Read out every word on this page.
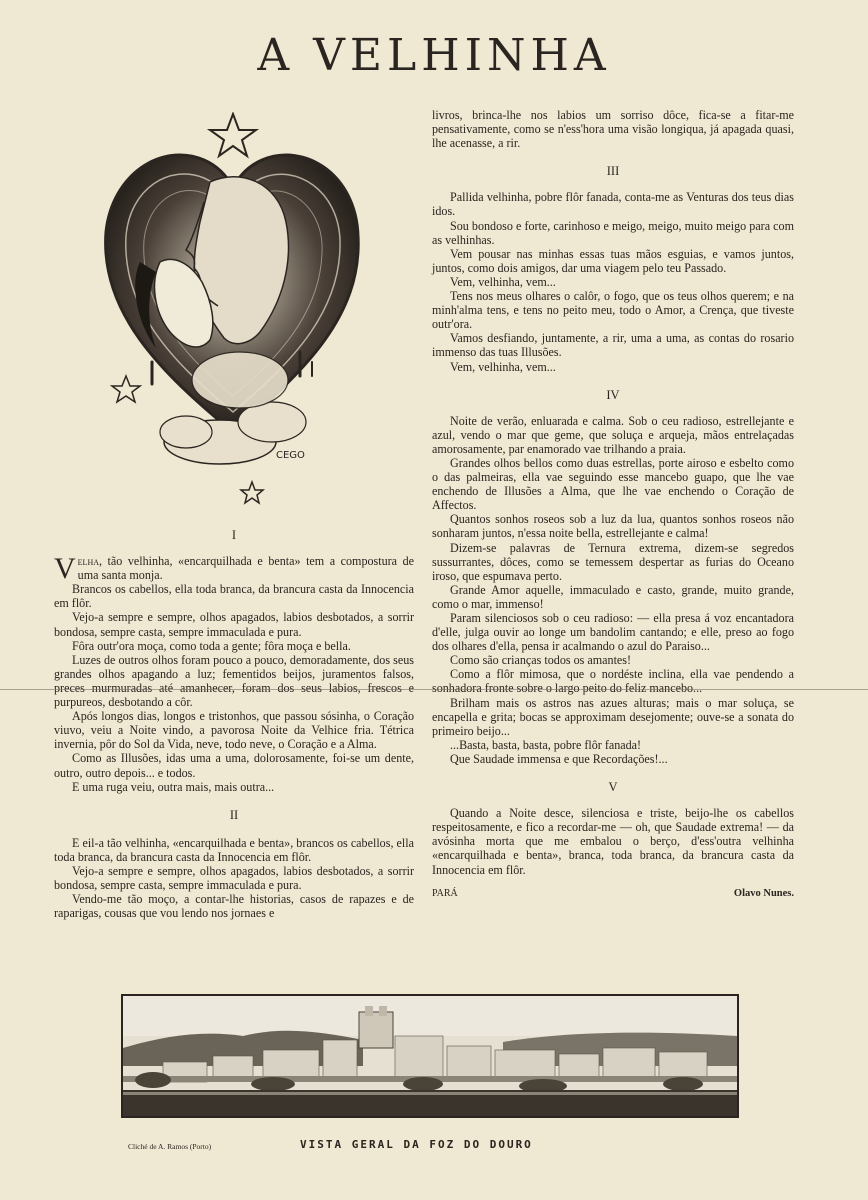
A VELHINHA
CEGO

I

Velha, tão velhinha, «encarquilhada e benta» tem a compostura de uma santa monja.

Brancos os cabellos, ella toda branca, da brancura casta da Innocencia em flôr.

Vejo-a sempre e sempre, olhos apagados, labios desbotados, a sorrir bondosa, sempre casta, sempre immaculada e pura.

Fôra outr'ora moça, como toda a gente; fôra moça e bella.

Luzes de outros olhos foram pouco a pouco, demoradamente, dos seus grandes olhos apagando a luz; fementidos beijos, juramentos falsos, preces murmuradas até amanhecer, foram dos seus labios, frescos e purpureos, desbotando a côr.

Após longos dias, longos e tristonhos, que passou sósinha, o Coração viuvo, veiu a Noite vindo, a pavorosa Noite da Velhice fria. Tétrica invernia, pôr do Sol da Vida, neve, todo neve, o Coração e a Alma.

Como as Illusões, idas uma a uma, dolorosamente, foi-se um dente, outro, outro depois... e todos.

E uma ruga veiu, outra mais, mais outra...

II

E eil-a tão velhinha, «encarquilhada e benta», brancos os cabellos, ella toda branca, da brancura casta da Innocencia em flôr.

Vejo-a sempre e sempre, olhos apagados, labios desbotados, a sorrir bondosa, sempre casta, sempre immaculada e pura.

Vendo-me tão moço, a contar-lhe historias, casos de rapazes e de raparigas, cousas que vou lendo nos jornaes e

livros, brinca-lhe nos labios um sorriso dôce, fica-se a fitar-me pensativamente, como se n'ess'hora uma visão longiqua, já apagada quasi, lhe acenasse, a rir.

III

Pallida velhinha, pobre flôr fanada, conta-me as Venturas dos teus dias idos.

Sou bondoso e forte, carinhoso e meigo, meigo, muito meigo para com as velhinhas.

Vem pousar nas minhas essas tuas mãos esguias, e vamos juntos, juntos, como dois amigos, dar uma viagem pelo teu Passado.

Vem, velhinha, vem...

Tens nos meus olhares o calôr, o fogo, que os teus olhos querem; e na minh'alma tens, e tens no peito meu, todo o Amor, a Crença, que tiveste outr'ora.

Vamos desfiando, juntamente, a rir, uma a uma, as contas do rosario immenso das tuas Illusões.

Vem, velhinha, vem...

IV

Noite de verão, enluarada e calma. Sob o ceu radioso, estrellejante e azul, vendo o mar que geme, que soluça e arqueja, mãos entrelaçadas amorosamente, par enamorado vae trilhando a praia.

Grandes olhos bellos como duas estrellas, porte airoso e esbelto como o das palmeiras, ella vae seguindo esse mancebo guapo, que lhe vae enchendo de Illusões a Alma, que lhe vae enchendo o Coração de Affectos.

Quantos sonhos roseos sob a luz da lua, quantos sonhos roseos não sonharam juntos, n'essa noite bella, estrellejante e calma!

Dizem-se palavras de Ternura extrema, dizem-se segredos sussurrantes, dôces, como se temessem despertar as furias do Oceano iroso, que espumava perto.

Grande Amor aquelle, immaculado e casto, grande, muito grande, como o mar, immenso!

Param silenciosos sob o ceu radioso: — ella presa á voz encantadora d'elle, julga ouvir ao longe um bandolim cantando; e elle, preso ao fogo dos olhares d'ella, pensa ir acalmando o azul do Paraiso...

Como são crianças todos os amantes!

Como a flôr mimosa, que o nordéste inclina, ella vae pendendo a sonhadora fronte sobre o largo peito do feliz mancebo...

Brilham mais os astros nas azues alturas; mais o mar soluça, se encapella e grita; bocas se approximam desejomente; ouve-se a sonata do primeiro beijo...

...Basta, basta, basta, pobre flôr fanada!

Que Saudade immensa e que Recordações!...

V

Quando a Noite desce, silenciosa e triste, beijo-lhe os cabellos respeitosamente, e fico a recordar-me — oh, que Saudade extrema! — da avósinha morta que me embalou o berço, d'ess'outra velhinha «encarquilhada e benta», branca, toda branca, da brancura casta da Innocencia em flôr.

PARÁ	Olavo Nunes.
Cliché de A. Ramos (Porto)	VISTA GERAL DA FOZ DO DOURO
